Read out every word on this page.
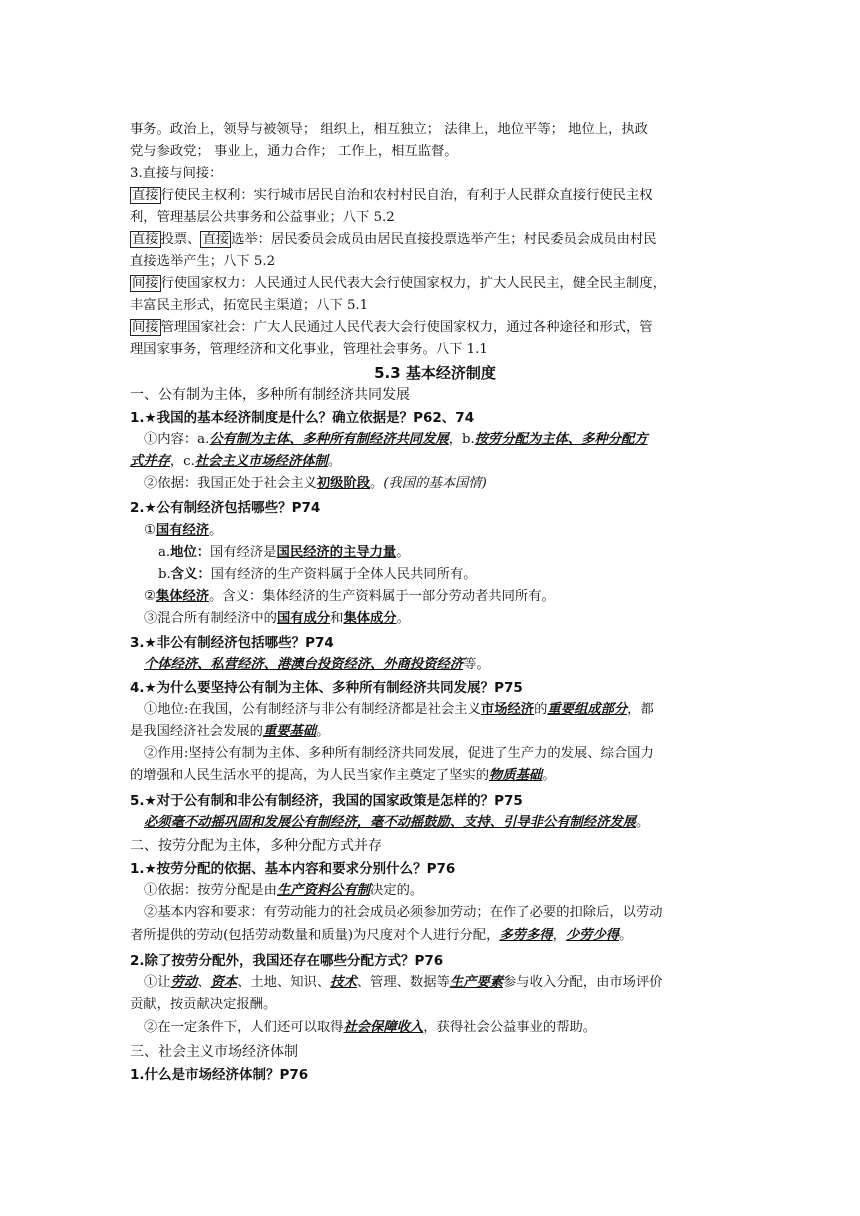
事务。政治上，领导与被领导； 组织上，相互独立； 法律上，地位平等； 地位上，执政
党与参政党； 事业上，通力合作； 工作上，相互监督。
3.直接与间接：
直接 行使民主权利：实行城市居民自治和农村村民自治，有利于人民群众直接行使民主权
利，管理基层公共事务和公益事业；八下 5.2
直接 投票、 直接 选举：居民委员会成员由居民直接投票选举产生；村民委员会成员由村民
直接选举产生；八下 5.2
间接 行使国家权力：人民通过人民代表大会行使国家权力，扩大人民民主，健全民主制度，
丰富民主形式，拓宽民主渠道；八下 5.1
间接 管理国家社会：广大人民通过人民代表大会行使国家权力，通过各种途径和形式，管
理国家事务，管理经济和文化事业，管理社会事务。八下 1.1
5.3 基本经济制度
一、公有制为主体，多种所有制经济共同发展
1.★我国的基本经济制度是什么？确立依据是？P62、74
①内容：a.公有制为主体、多种所有制经济共同发展，b.按劳分配为主体、多种分配方
式并存，c.社会主义市场经济体制。
②依据：我国正处于社会主义初级阶段。(我国的基本国情)
2.★公有制经济包括哪些？P74
①国有经济。
a.地位：国有经济是国民经济的主导力量。
b.含义：国有经济的生产资料属于全体人民共同所有。
②集体经济。含义：集体经济的生产资料属于一部分劳动者共同所有。
③混合所有制经济中的国有成分和集体成分。
3.★非公有制经济包括哪些？P74
个体经济、私营经济、港澳台投资经济、外商投资经济等。
4.★为什么要坚持公有制为主体、多种所有制经济共同发展？P75
①地位:在我国，公有制经济与非公有制经济都是社会主义市场经济的重要组成部分，都
是我国经济社会发展的重要基础。
②作用:坚持公有制为主体、多种所有制经济共同发展，促进了生产力的发展、综合国力
的增强和人民生活水平的提高，为人民当家作主奠定了坚实的物质基础。
5.★对于公有制和非公有制经济，我国的国家政策是怎样的？P75
必须毫不动摇巩固和发展公有制经济，毫不动摇鼓励、支持、引导非公有制经济发展。
二、按劳分配为主体，多种分配方式并存
1.★按劳分配的依据、基本内容和要求分别什么？P76
①依据：按劳分配是由生产资料公有制决定的。
②基本内容和要求：有劳动能力的社会成员必须参加劳动；在作了必要的扣除后，以劳动
者所提供的劳动(包括劳动数量和质量)为尺度对个人进行分配，多劳多得，少劳少得。
2.除了按劳分配外，我国还存在哪些分配方式？P76
①让劳动、资本、土地、知识、技术、管理、数据等生产要素参与收入分配，由市场评价
贡献，按贡献决定报酬。
②在一定条件下，人们还可以取得社会保障收入，获得社会公益事业的帮助。
三、社会主义市场经济体制
1.什么是市场经济体制？P76
